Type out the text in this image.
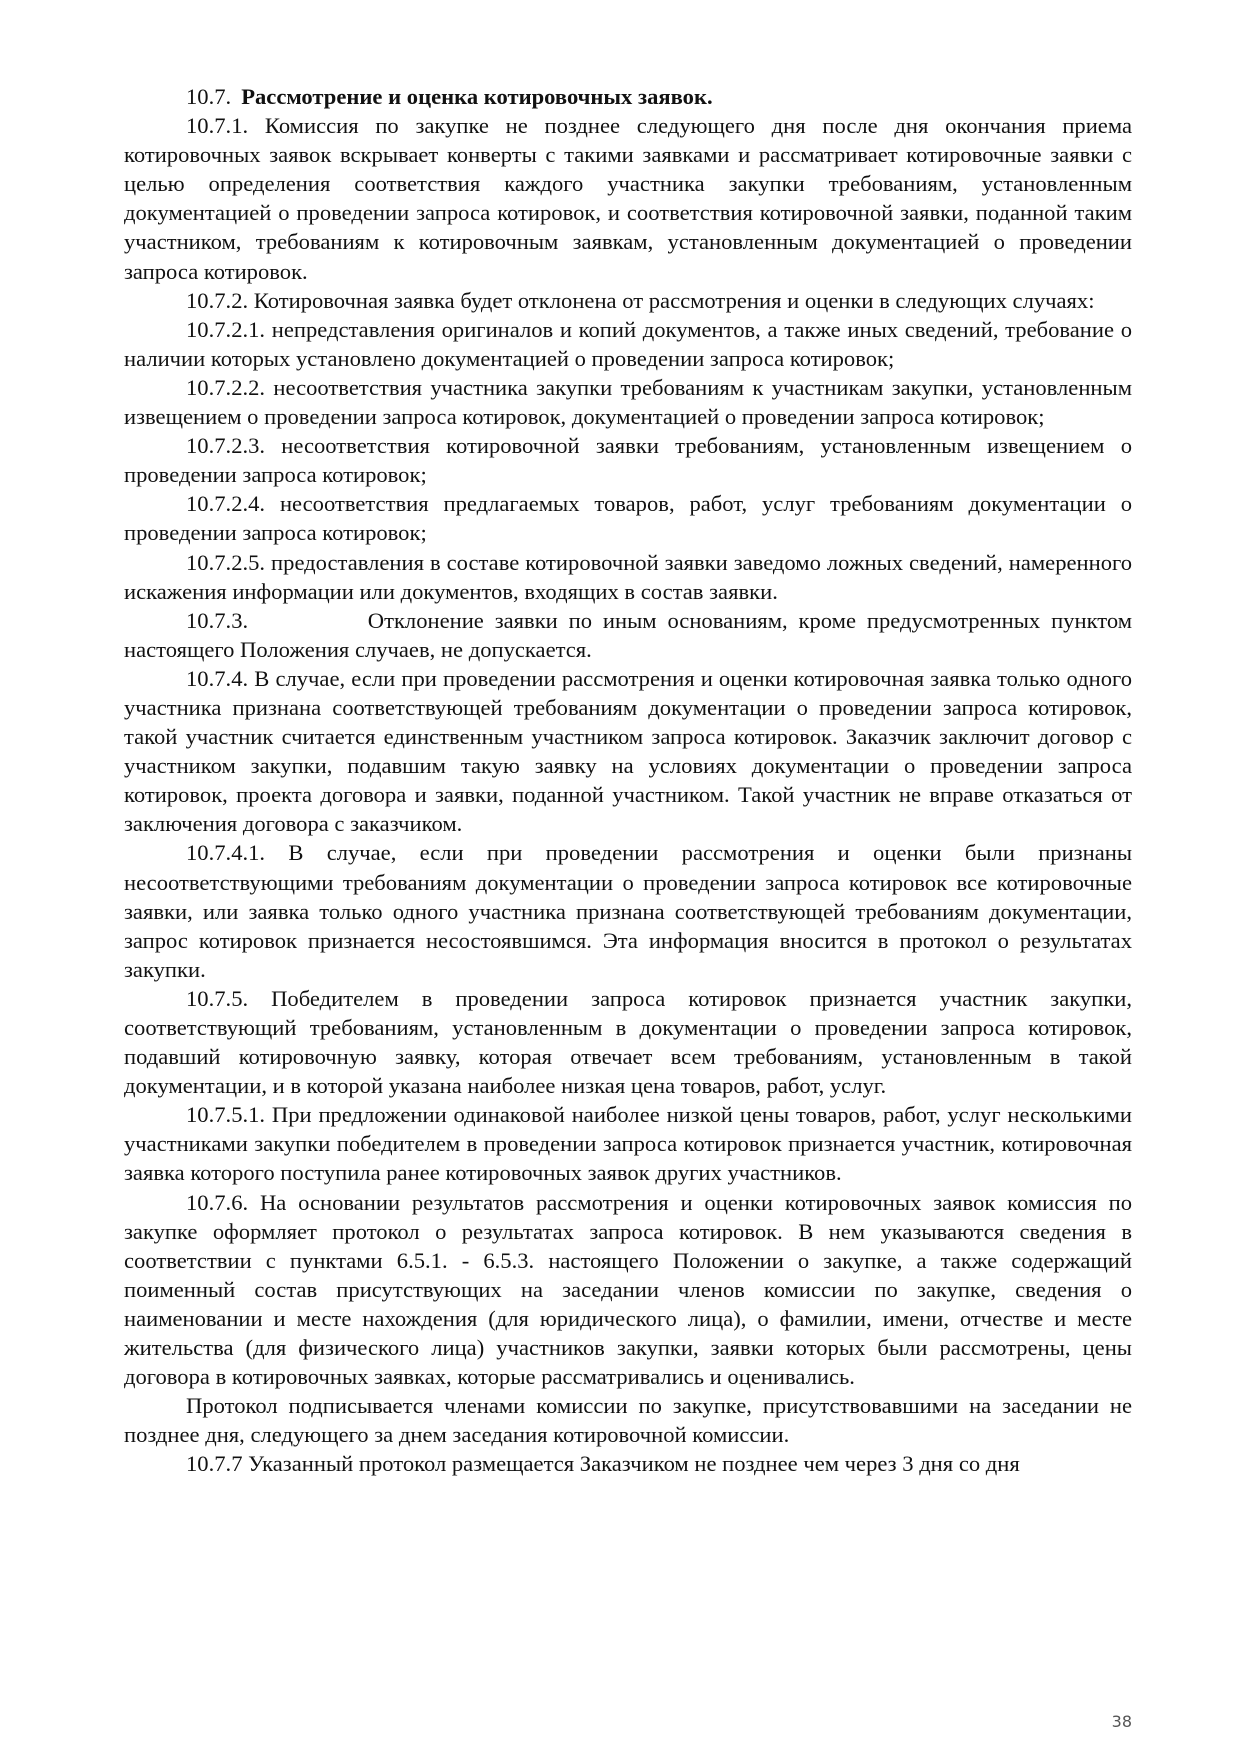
10.7. Рассмотрение и оценка котировочных заявок.

10.7.1. Комиссия по закупке не позднее следующего дня после дня окончания приема котировочных заявок вскрывает конверты с такими заявками и рассматривает котировочные заявки с целью определения соответствия каждого участника закупки требованиям, установленным документацией о проведении запроса котировок, и соответствия котировочной заявки, поданной таким участником, требованиям к котировочным заявкам, установленным документацией о проведении запроса котировок.

10.7.2. Котировочная заявка будет отклонена от рассмотрения и оценки в следующих случаях:

10.7.2.1. непредставления оригиналов и копий документов, а также иных сведений, требование о наличии которых установлено документацией о проведении запроса котировок;

10.7.2.2. несоответствия участника закупки требованиям к участникам закупки, установленным извещением о проведении запроса котировок, документацией о проведении запроса котировок;

10.7.2.3. несоответствия котировочной заявки требованиям, установленным извещением о проведении запроса котировок;

10.7.2.4. несоответствия предлагаемых товаров, работ, услуг требованиям документации о проведении запроса котировок;

10.7.2.5. предоставления в составе котировочной заявки заведомо ложных сведений, намеренного искажения информации или документов, входящих в состав заявки.

10.7.3.           Отклонение заявки по иным основаниям, кроме предусмотренных пунктом настоящего Положения случаев, не допускается.

10.7.4. В случае, если при проведении рассмотрения и оценки котировочная заявка только одного участника признана соответствующей требованиям документации о проведении запроса котировок, такой участник считается единственным участником запроса котировок. Заказчик заключит договор с участником закупки, подавшим такую заявку на условиях документации о проведении запроса котировок, проекта договора и заявки, поданной участником. Такой участник не вправе отказаться от заключения договора с заказчиком.

10.7.4.1. В случае, если при проведении рассмотрения и оценки были признаны несоответствующими требованиям документации о проведении запроса котировок все котировочные заявки, или заявка только одного участника признана соответствующей требованиям документации, запрос котировок признается несостоявшимся. Эта информация вносится в протокол о результатах закупки.

10.7.5. Победителем в проведении запроса котировок признается участник закупки, соответствующий требованиям, установленным в документации о проведении запроса котировок, подавший котировочную заявку, которая отвечает всем требованиям, установленным в такой документации, и в которой указана наиболее низкая цена товаров, работ, услуг.

10.7.5.1. При предложении одинаковой наиболее низкой цены товаров, работ, услуг несколькими участниками закупки победителем в проведении запроса котировок признается участник, котировочная заявка которого поступила ранее котировочных заявок других участников.

10.7.6. На основании результатов рассмотрения и оценки котировочных заявок комиссия по закупке оформляет протокол о результатах запроса котировок. В нем указываются сведения в соответствии с пунктами 6.5.1. - 6.5.3. настоящего Положении о закупке, а также содержащий поименный состав присутствующих на заседании членов комиссии по закупке, сведения о наименовании и месте нахождения (для юридического лица), о фамилии, имени, отчестве и месте жительства (для физического лица) участников закупки, заявки которых были рассмотрены, цены договора в котировочных заявках, которые рассматривались и оценивались.

Протокол подписывается членами комиссии по закупке, присутствовавшими на заседании не позднее дня, следующего за днем заседания котировочной комиссии.

10.7.7 Указанный протокол размещается Заказчиком не позднее чем через 3 дня со дня

38
